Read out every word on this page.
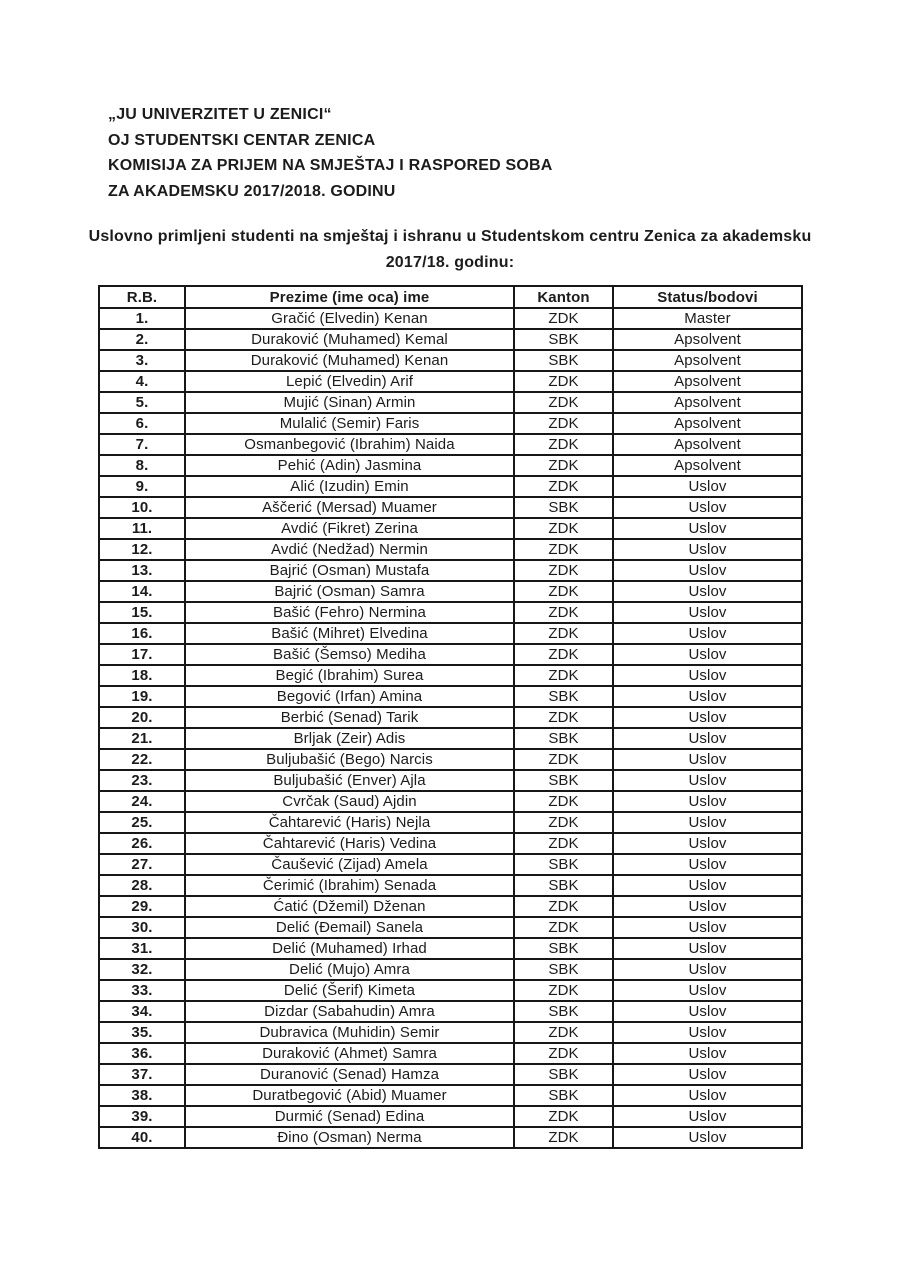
„JU UNIVERZITET U ZENICI“
OJ STUDENTSKI CENTAR ZENICA
KOMISIJA ZA PRIJEM NA SMJEŠTAJ I RASPORED SOBA
ZA AKADEMSKU 2017/2018. GODINU
Uslovno primljeni studenti na smještaj i ishranu u Studentskom centru Zenica za akademsku
2017/18. godinu:
R.B.	Prezime (ime oca) ime	Kanton	Status/bodovi
1.	Gračić (Elvedin) Kenan	ZDK	Master
2.	Duraković (Muhamed) Kemal	SBK	Apsolvent
3.	Duraković (Muhamed) Kenan	SBK	Apsolvent
4.	Lepić (Elvedin) Arif	ZDK	Apsolvent
5.	Mujić (Sinan) Armin	ZDK	Apsolvent
6.	Mulalić (Semir) Faris	ZDK	Apsolvent
7.	Osmanbegović (Ibrahim) Naida	ZDK	Apsolvent
8.	Pehić (Adin) Jasmina	ZDK	Apsolvent
9.	Alić (Izudin) Emin	ZDK	Uslov
10.	Aščerić (Mersad) Muamer	SBK	Uslov
11.	Avdić (Fikret) Zerina	ZDK	Uslov
12.	Avdić (Nedžad) Nermin	ZDK	Uslov
13.	Bajrić (Osman) Mustafa	ZDK	Uslov
14.	Bajrić (Osman) Samra	ZDK	Uslov
15.	Bašić (Fehro) Nermina	ZDK	Uslov
16.	Bašić (Mihret) Elvedina	ZDK	Uslov
17.	Bašić (Šemso) Mediha	ZDK	Uslov
18.	Begić (Ibrahim) Surea	ZDK	Uslov
19.	Begović (Irfan) Amina	SBK	Uslov
20.	Berbić (Senad) Tarik	ZDK	Uslov
21.	Brljak (Zeir) Adis	SBK	Uslov
22.	Buljubašić (Bego) Narcis	ZDK	Uslov
23.	Buljubašić (Enver) Ajla	SBK	Uslov
24.	Cvrčak (Saud) Ajdin	ZDK	Uslov
25.	Čahtarević (Haris) Nejla	ZDK	Uslov
26.	Čahtarević (Haris) Vedina	ZDK	Uslov
27.	Čaušević (Zijad) Amela	SBK	Uslov
28.	Čerimić (Ibrahim) Senada	SBK	Uslov
29.	Ćatić (Džemil) Dženan	ZDK	Uslov
30.	Delić (Đemail) Sanela	ZDK	Uslov
31.	Delić (Muhamed) Irhad	SBK	Uslov
32.	Delić (Mujo) Amra	SBK	Uslov
33.	Delić (Šerif) Kimeta	ZDK	Uslov
34.	Dizdar (Sabahudin) Amra	SBK	Uslov
35.	Dubravica (Muhidin) Semir	ZDK	Uslov
36.	Duraković (Ahmet) Samra	ZDK	Uslov
37.	Duranović (Senad) Hamza	SBK	Uslov
38.	Duratbegović (Abid) Muamer	SBK	Uslov
39.	Durmić (Senad) Edina	ZDK	Uslov
40.	Đino (Osman) Nerma	ZDK	Uslov
